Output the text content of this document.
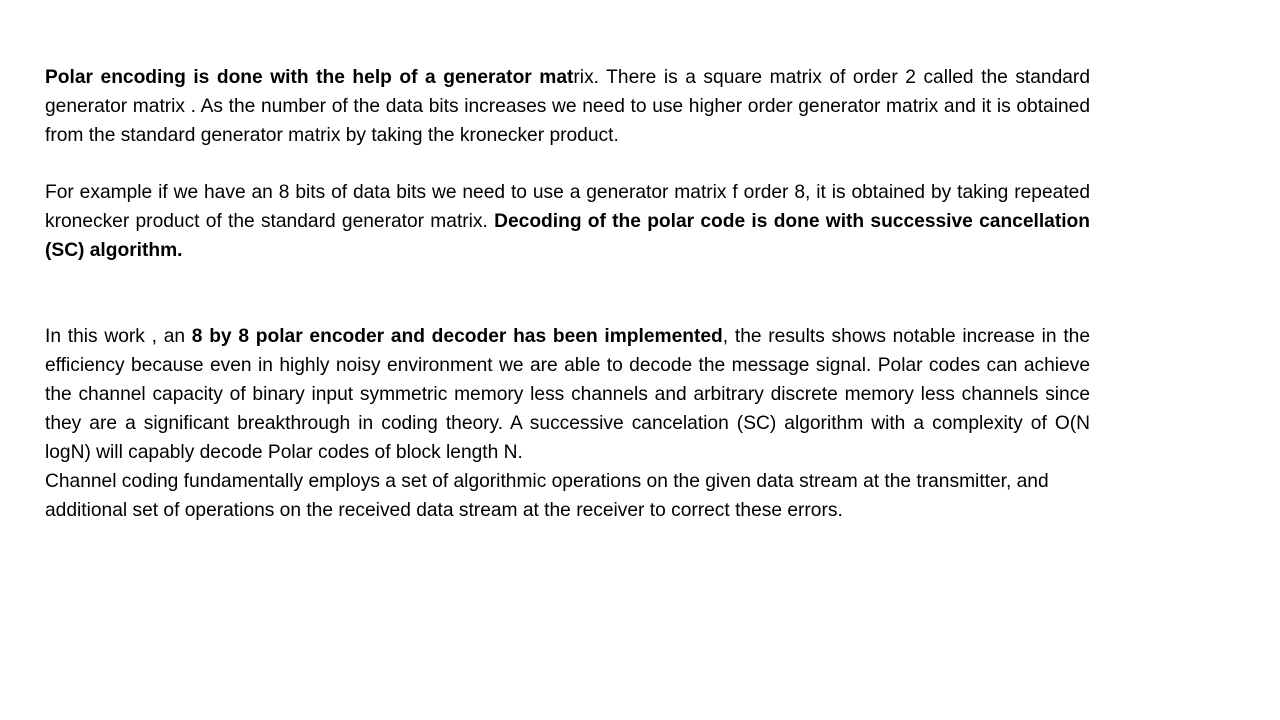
Polar encoding is done with the help of a generator matrix. There is a square matrix of order 2 called the standard generator matrix . As the number of the data bits increases we need to use higher order generator matrix and it is obtained from the standard generator matrix by taking the kronecker product.

For example if we have an 8 bits of data bits we need to use a generator matrix f order 8, it is obtained by taking repeated kronecker product of the standard generator matrix. Decoding of the polar code is done with successive cancellation (SC) algorithm.

In this work , an 8 by 8 polar encoder and decoder has been implemented, the results shows notable increase in the efficiency because even in highly noisy environment we are able to decode the message signal. Polar codes can achieve the channel capacity of binary input symmetric memory less channels and arbitrary discrete memory less channels since they are a significant breakthrough in coding theory. A successive cancelation (SC) algorithm with a complexity of O(N logN) will capably decode Polar codes of block length N.

Channel coding fundamentally employs a set of algorithmic operations on the given data stream at the transmitter, and additional set of operations on the received data stream at the receiver to correct these errors.
